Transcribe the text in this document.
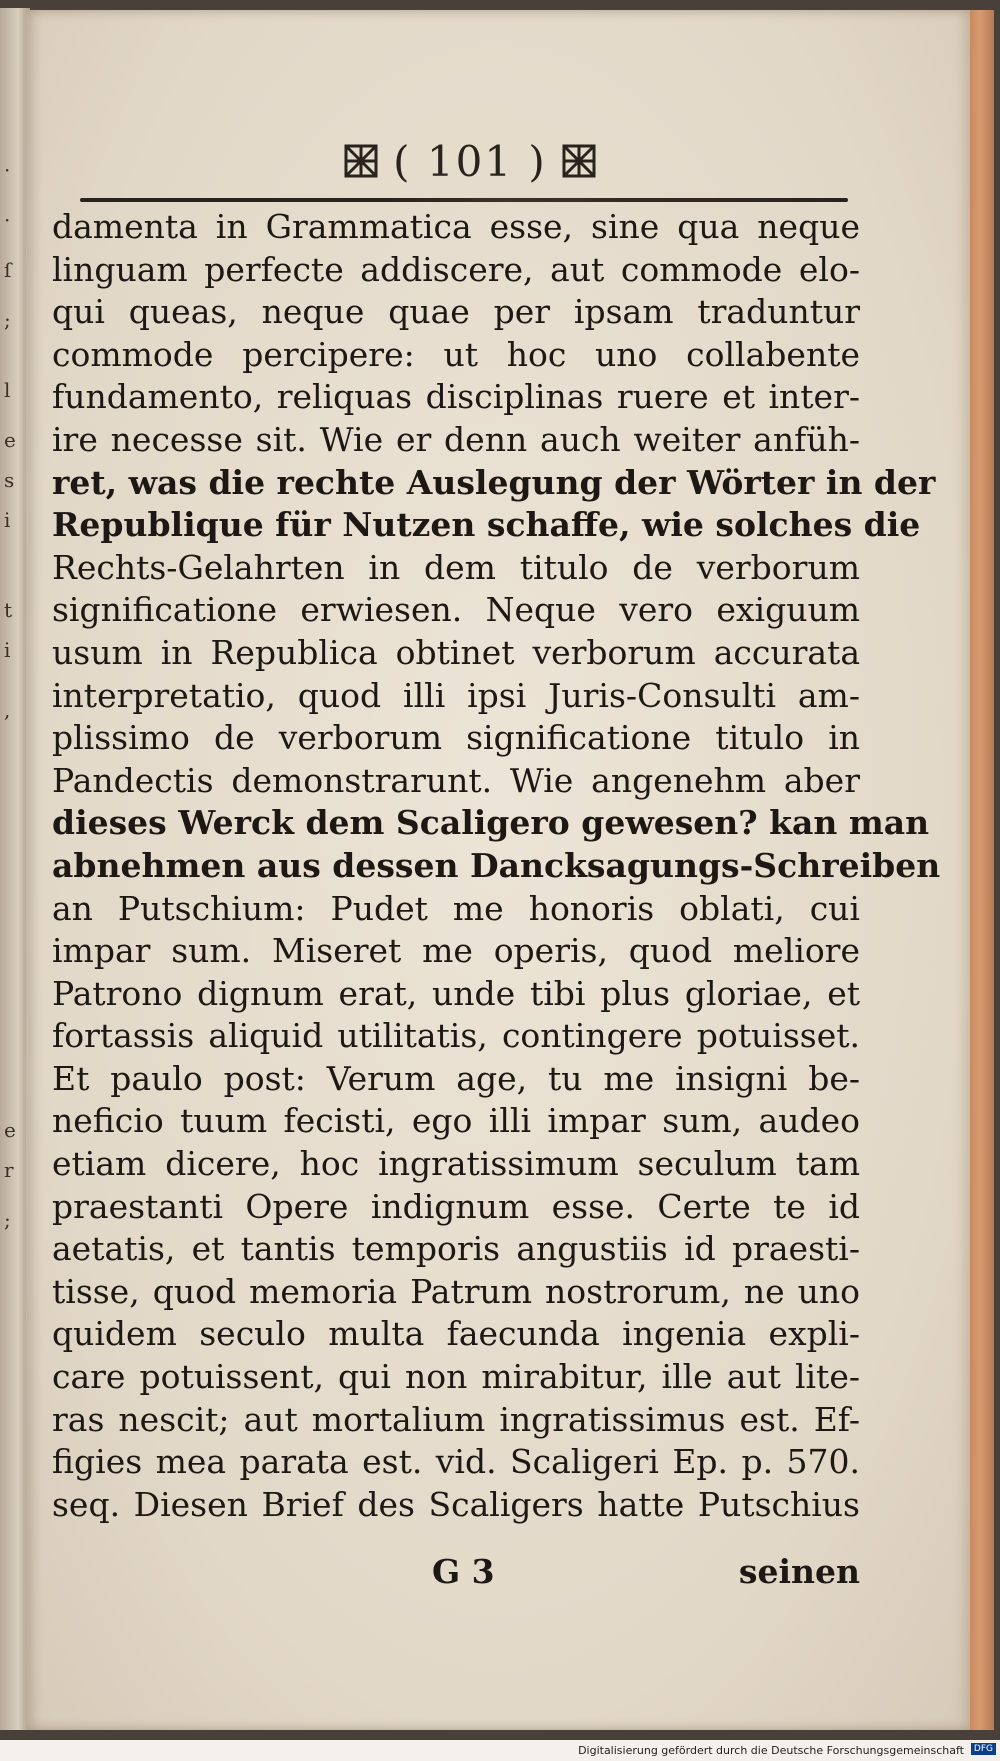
·
·
ſ
;
l
e
s
i
t
i
,
e
r
;
( 101 )
damenta in Grammatica esse, sine qua neque
linguam perfecte addiscere, aut commode elo-
qui queas, neque quae per ipsam traduntur
commode percipere: ut hoc uno collabente
fundamento, reliquas disciplinas ruere et inter-
ire necesse sit. Wie er denn auch weiter anfüh-
ret, was die rechte Auslegung der Wörter in der
Republique für Nutzen schaffe, wie solches die
Rechts-Gelahrten in dem titulo de verborum
significatione erwiesen. Neque vero exiguum
usum in Republica obtinet verborum accurata
interpretatio, quod illi ipsi Juris-Consulti am-
plissimo de verborum significatione titulo in
Pandectis demonstrarunt. Wie angenehm aber
dieses Werck dem Scaligero gewesen? kan man
abnehmen aus dessen Dancksagungs-Schreiben
an Putschium: Pudet me honoris oblati, cui
impar sum. Miseret me operis, quod meliore
Patrono dignum erat, unde tibi plus gloriae, et
fortassis aliquid utilitatis, contingere potuisset.
Et paulo post: Verum age, tu me insigni be-
neficio tuum fecisti, ego illi impar sum, audeo
etiam dicere, hoc ingratissimum seculum tam
praestanti Opere indignum esse. Certe te id
aetatis, et tantis temporis angustiis id praesti-
tisse, quod memoria Patrum nostrorum, ne uno
quidem seculo multa faecunda ingenia expli-
care potuissent, qui non mirabitur, ille aut lite-
ras nescit; aut mortalium ingratissimus est. Ef-
figies mea parata est. vid. Scaligeri Ep. p. 570.
seq. Diesen Brief des Scaligers hatte Putschius
G 3	seinen
Digitalisierung gefördert durch die Deutsche Forschungsgemeinschaft	DFG
